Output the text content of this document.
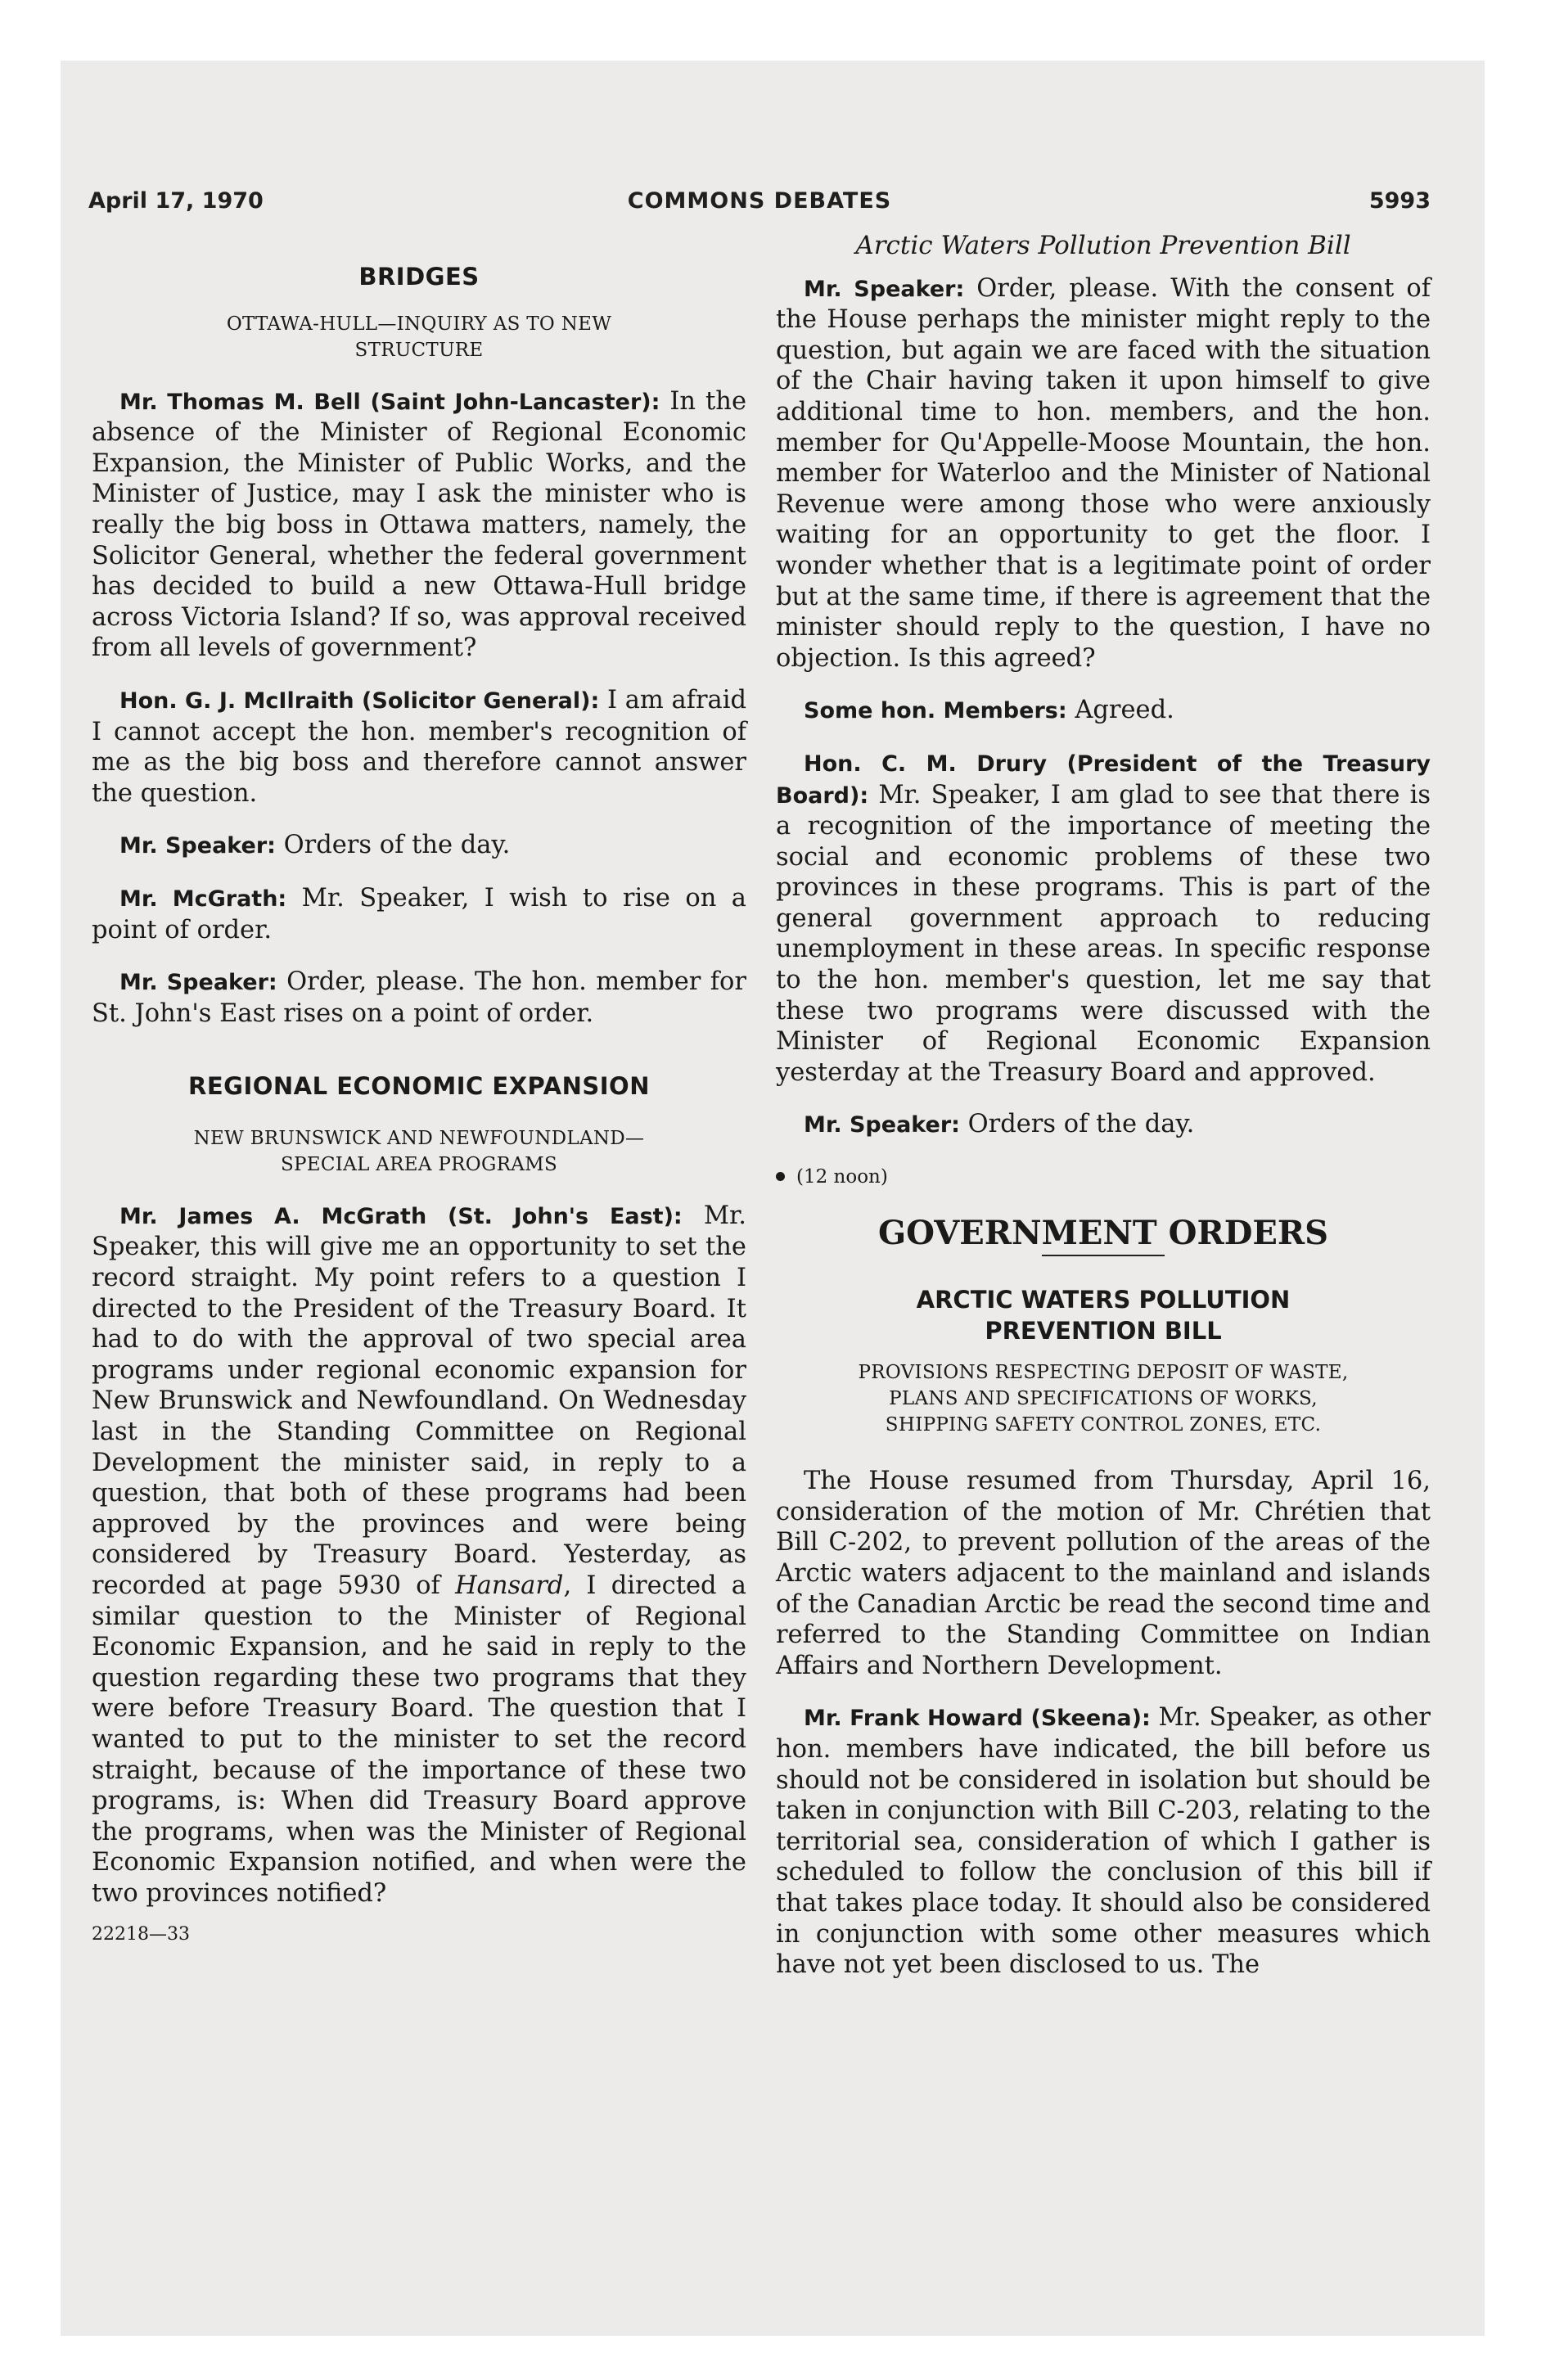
April 17, 1970	COMMONS DEBATES	5993
BRIDGES
OTTAWA-HULL—INQUIRY AS TO NEW
STRUCTURE

Mr. Thomas M. Bell (Saint John-Lancaster): In the absence of the Minister of Regional Economic Expansion, the Minister of Public Works, and the Minister of Justice, may I ask the minister who is really the big boss in Ottawa matters, namely, the Solicitor General, whether the federal government has decided to build a new Ottawa-Hull bridge across Victoria Island? If so, was approval received from all levels of government?

Hon. G. J. McIlraith (Solicitor General): I am afraid I cannot accept the hon. member's recognition of me as the big boss and therefore cannot answer the question.

Mr. Speaker: Orders of the day.

Mr. McGrath: Mr. Speaker, I wish to rise on a point of order.

Mr. Speaker: Order, please. The hon. member for St. John's East rises on a point of order.

REGIONAL ECONOMIC EXPANSION
NEW BRUNSWICK AND NEWFOUNDLAND—
SPECIAL AREA PROGRAMS

Mr. James A. McGrath (St. John's East): Mr. Speaker, this will give me an opportunity to set the record straight. My point refers to a question I directed to the President of the Treasury Board. It had to do with the approval of two special area programs under regional economic expansion for New Brunswick and Newfoundland. On Wednesday last in the Standing Committee on Regional Development the minister said, in reply to a question, that both of these programs had been approved by the provinces and were being considered by Treasury Board. Yesterday, as recorded at page 5930 of Hansard, I directed a similar question to the Minister of Regional Economic Expansion, and he said in reply to the question regarding these two programs that they were before Treasury Board. The question that I wanted to put to the minister to set the record straight, because of the importance of these two programs, is: When did Treasury Board approve the programs, when was the Minister of Regional Economic Expansion notified, and when were the two provinces notified?

22218—33
Arctic Waters Pollution Prevention Bill

Mr. Speaker: Order, please. With the consent of the House perhaps the minister might reply to the question, but again we are faced with the situation of the Chair having taken it upon himself to give additional time to hon. members, and the hon. member for Qu'Appelle-Moose Mountain, the hon. member for Waterloo and the Minister of National Revenue were among those who were anxiously waiting for an opportunity to get the floor. I wonder whether that is a legitimate point of order but at the same time, if there is agreement that the minister should reply to the question, I have no objection. Is this agreed?

Some hon. Members: Agreed.

Hon. C. M. Drury (President of the Treasury Board): Mr. Speaker, I am glad to see that there is a recognition of the importance of meeting the social and economic problems of these two provinces in these programs. This is part of the general government approach to reducing unemployment in these areas. In specific response to the hon. member's question, let me say that these two programs were discussed with the Minister of Regional Economic Expansion yesterday at the Treasury Board and approved.

Mr. Speaker: Orders of the day.

(12 noon)

GOVERNMENT ORDERS
ARCTIC WATERS POLLUTION
PREVENTION BILL
PROVISIONS RESPECTING DEPOSIT OF WASTE,
PLANS AND SPECIFICATIONS OF WORKS,
SHIPPING SAFETY CONTROL ZONES, ETC.

The House resumed from Thursday, April 16, consideration of the motion of Mr. Chrétien that Bill C-202, to prevent pollution of the areas of the Arctic waters adjacent to the mainland and islands of the Canadian Arctic be read the second time and referred to the Standing Committee on Indian Affairs and Northern Development.

Mr. Frank Howard (Skeena): Mr. Speaker, as other hon. members have indicated, the bill before us should not be considered in isolation but should be taken in conjunction with Bill C-203, relating to the territorial sea, consideration of which I gather is scheduled to follow the conclusion of this bill if that takes place today. It should also be considered in conjunction with some other measures which have not yet been disclosed to us. The
